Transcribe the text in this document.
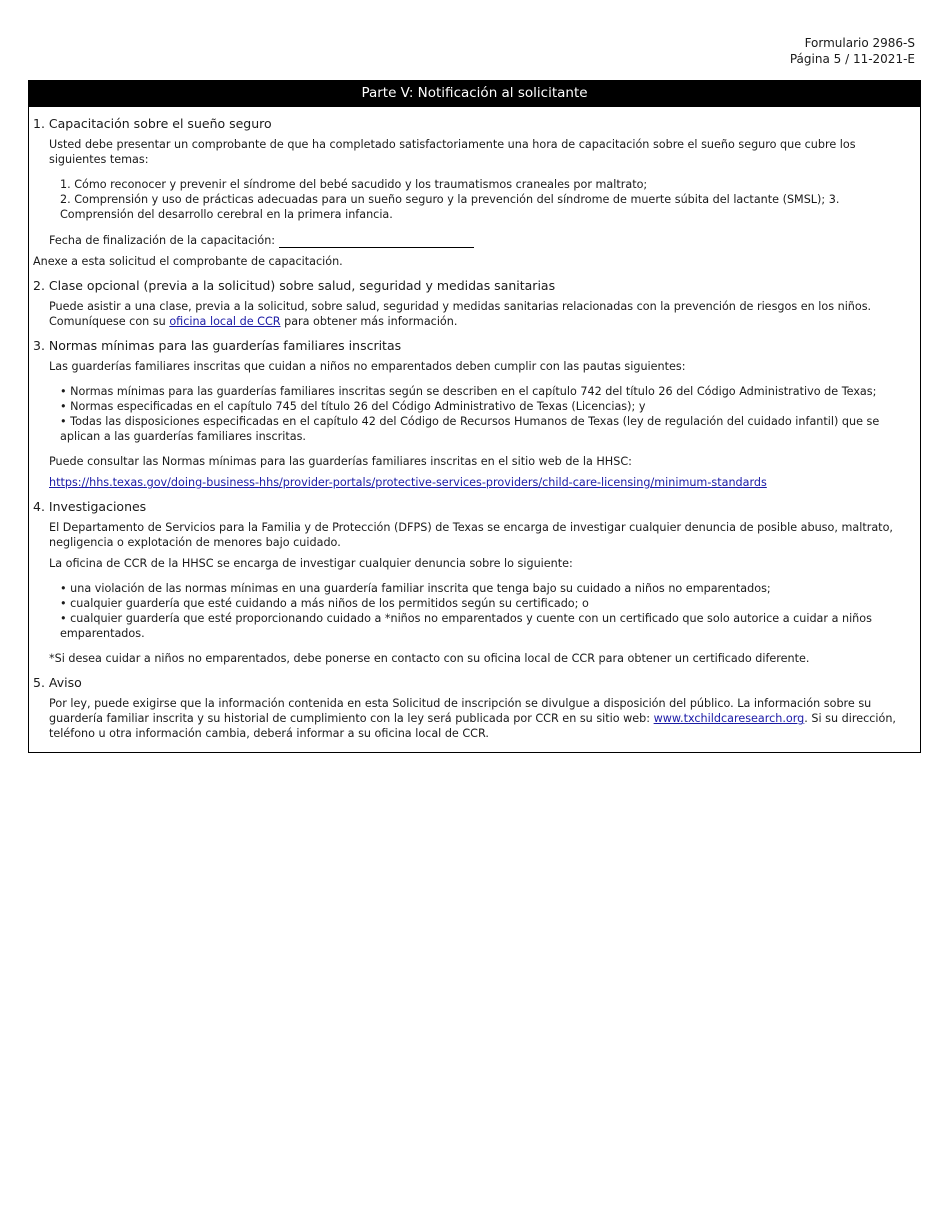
Formulario 2986-S
Página 5 / 11-2021-E
Parte V: Notificación al solicitante
1. Capacitación sobre el sueño seguro
Usted debe presentar un comprobante de que ha completado satisfactoriamente una hora de capacitación sobre el sueño seguro que cubre los siguientes temas:
1. Cómo reconocer y prevenir el síndrome del bebé sacudido y los traumatismos craneales por maltrato;
2. Comprensión y uso de prácticas adecuadas para un sueño seguro y la prevención del síndrome de muerte súbita del lactante (SMSL); 3. Comprensión del desarrollo cerebral en la primera infancia.
Fecha de finalización de la capacitación:
Anexe a esta solicitud el comprobante de capacitación.
2. Clase opcional (previa a la solicitud) sobre salud, seguridad y medidas sanitarias
Puede asistir a una clase, previa a la solicitud, sobre salud, seguridad y medidas sanitarias relacionadas con la prevención de riesgos en los niños. Comuníquese con su oficina local de CCR para obtener más información.
3. Normas mínimas para las guarderías familiares inscritas
Las guarderías familiares inscritas que cuidan a niños no emparentados deben cumplir con las pautas siguientes:
• Normas mínimas para las guarderías familiares inscritas según se describen en el capítulo 742 del título 26 del Código Administrativo de Texas;
• Normas especificadas en el capítulo 745 del título 26 del Código Administrativo de Texas (Licencias); y
• Todas las disposiciones especificadas en el capítulo 42 del Código de Recursos Humanos de Texas (ley de regulación del cuidado infantil) que se aplican a las guarderías familiares inscritas.
Puede consultar las Normas mínimas para las guarderías familiares inscritas en el sitio web de la HHSC:
https://hhs.texas.gov/doing-business-hhs/provider-portals/protective-services-providers/child-care-licensing/minimum-standards
4. Investigaciones
El Departamento de Servicios para la Familia y de Protección (DFPS) de Texas se encarga de investigar cualquier denuncia de posible abuso, maltrato, negligencia o explotación de menores bajo cuidado.
La oficina de CCR de la HHSC se encarga de investigar cualquier denuncia sobre lo siguiente:
• una violación de las normas mínimas en una guardería familiar inscrita que tenga bajo su cuidado a niños no emparentados;
• cualquier guardería que esté cuidando a más niños de los permitidos según su certificado; o
• cualquier guardería que esté proporcionando cuidado a *niños no emparentados y cuente con un certificado que solo autorice a cuidar a niños emparentados.
*Si desea cuidar a niños no emparentados, debe ponerse en contacto con su oficina local de CCR para obtener un certificado diferente.
5. Aviso
Por ley, puede exigirse que la información contenida en esta Solicitud de inscripción se divulgue a disposición del público. La información sobre su guardería familiar inscrita y su historial de cumplimiento con la ley será publicada por CCR en su sitio web: www.txchildcaresearch.org. Si su dirección, teléfono u otra información cambia, deberá informar a su oficina local de CCR.
